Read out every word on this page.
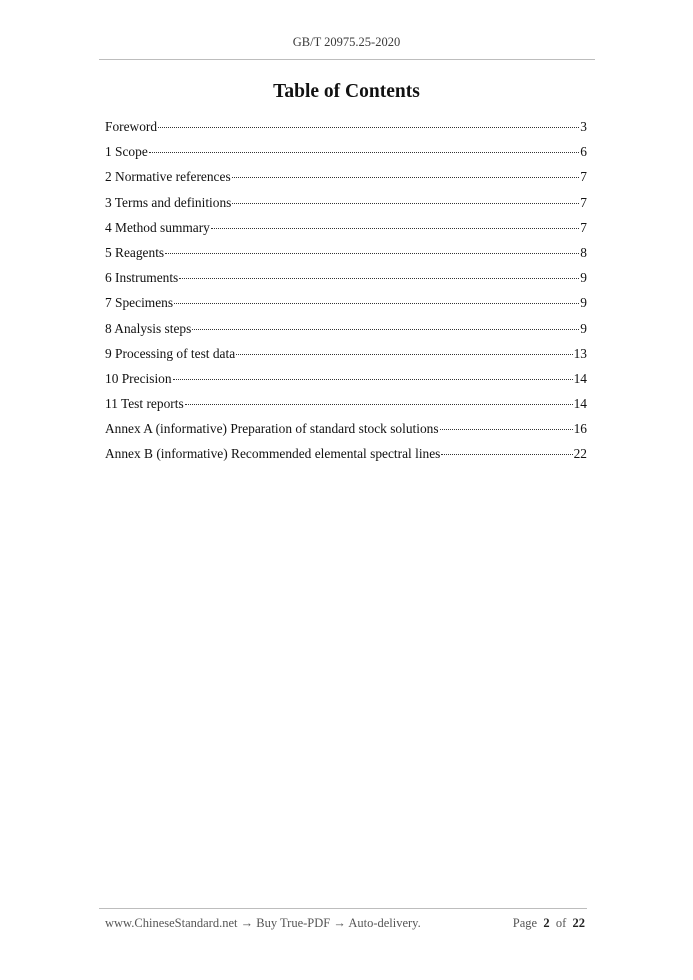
GB/T 20975.25-2020
Table of Contents
Foreword	3
1 Scope	6
2 Normative references	7
3 Terms and definitions	7
4 Method summary	7
5 Reagents	8
6 Instruments	9
7 Specimens	9
8 Analysis steps	9
9 Processing of test data	13
10 Precision	14
11 Test reports	14
Annex A (informative) Preparation of standard stock solutions	16
Annex B (informative) Recommended elemental spectral lines	22
www.ChineseStandard.net → Buy True-PDF → Auto-delivery.	Page 2 of 22
